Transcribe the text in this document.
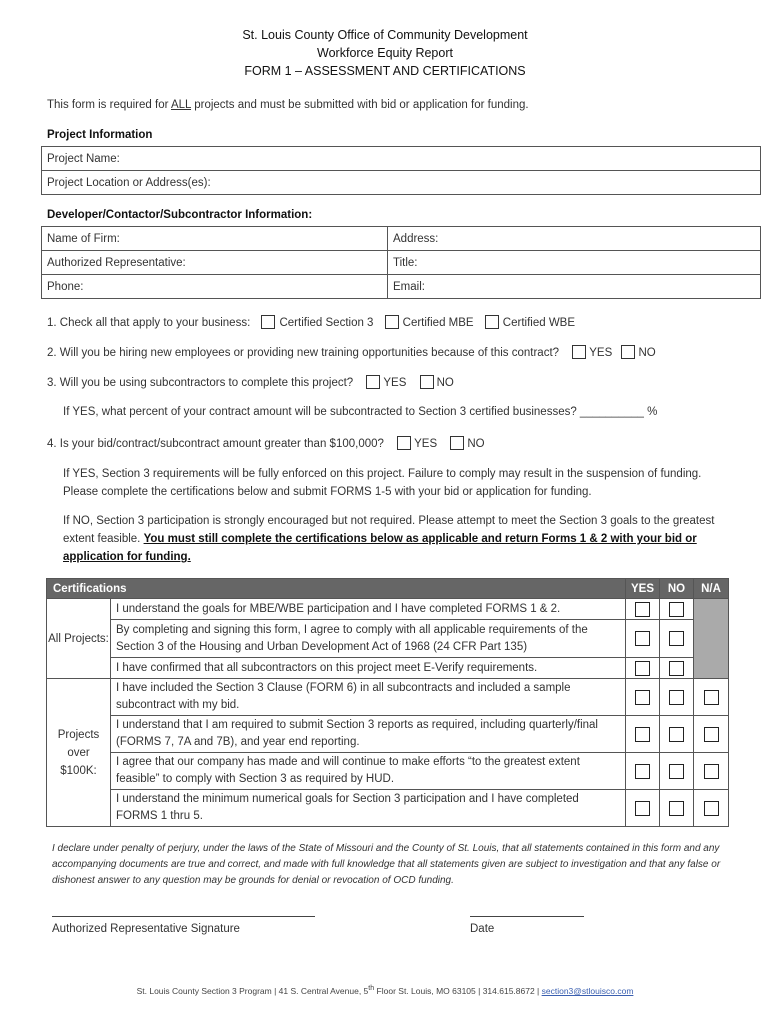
St. Louis County Office of Community Development
Workforce Equity Report
FORM 1 – ASSESSMENT AND CERTIFICATIONS
This form is required for ALL projects and must be submitted with bid or application for funding.
Project Information
Project Name:
Project Location or Address(es):
Developer/Contactor/Subcontractor Information:
Name of Firm:	Address:
Authorized Representative:	Title:
Phone:	Email:
1. Check all that apply to your business:	Certified Section 3	Certified MBE	Certified WBE
2. Will you be hiring new employees or providing new training opportunities because of this contract?	YES NO
3. Will you be using subcontractors to complete this project?	YES	NO
If YES, what percent of your contract amount will be subcontracted to Section 3 certified businesses? __________ %
4. Is your bid/contract/subcontract amount greater than $100,000?	YES	NO
If YES, Section 3 requirements will be fully enforced on this project. Failure to comply may result in the suspension of funding. Please complete the certifications below and submit FORMS 1-5 with your bid or application for funding.
If NO, Section 3 participation is strongly encouraged but not required. Please attempt to meet the Section 3 goals to the greatest extent feasible. You must still complete the certifications below as applicable and return Forms 1 & 2 with your bid or application for funding.
Certifications		YES	NO	N/A
All Projects:	I understand the goals for MBE/WBE participation and I have completed FORMS 1 & 2.			
	By completing and signing this form, I agree to comply with all applicable requirements of the Section 3 of the Housing and Urban Development Act of 1968 (24 CFR Part 135)			
	I have confirmed that all subcontractors on this project meet E-Verify requirements.			
Projects over $100K:	I have included the Section 3 Clause (FORM 6) in all subcontracts and included a sample subcontract with my bid.			
	I understand that I am required to submit Section 3 reports as required, including quarterly/final (FORMS 7, 7A and 7B), and year end reporting.			
	I agree that our company has made and will continue to make efforts “to the greatest extent feasible” to comply with Section 3 as required by HUD.			
	I understand the minimum numerical goals for Section 3 participation and I have completed FORMS 1 thru 5.			
I declare under penalty of perjury, under the laws of the State of Missouri and the County of St. Louis, that all statements contained in this form and any accompanying documents are true and correct, and made with full knowledge that all statements given are subject to investigation and that any false or dishonest answer to any question may be grounds for denial or revocation of OCD funding.
Authorized Representative Signature	Date
St. Louis County Section 3 Program | 41 S. Central Avenue, 5th Floor St. Louis, MO 63105 | 314.615.8672 | section3@stlouisco.com
